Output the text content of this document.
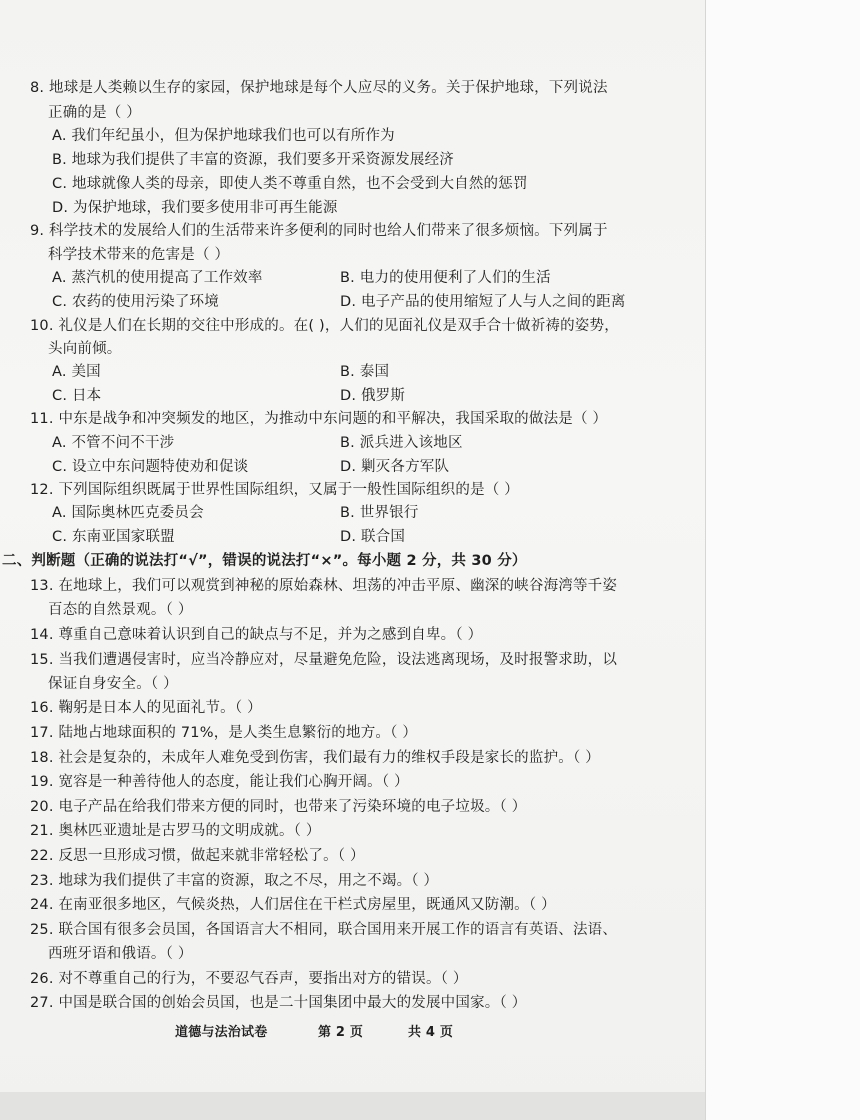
8. 地球是人类赖以生存的家园，保护地球是每个人应尽的义务。关于保护地球，下列说法
正确的是（ ）
A. 我们年纪虽小，但为保护地球我们也可以有所作为
B. 地球为我们提供了丰富的资源，我们要多开采资源发展经济
C. 地球就像人类的母亲，即使人类不尊重自然，也不会受到大自然的惩罚
D. 为保护地球，我们要多使用非可再生能源
9. 科学技术的发展给人们的生活带来许多便利的同时也给人们带来了很多烦恼。下列属于
科学技术带来的危害是（ ）
A. 蒸汽机的使用提高了工作效率	B. 电力的使用便利了人们的生活
C. 农药的使用污染了环境	D. 电子产品的使用缩短了人与人之间的距离
10. 礼仪是人们在长期的交往中形成的。在( )，人们的见面礼仪是双手合十做祈祷的姿势，
头向前倾。
A. 美国	B. 泰国
C. 日本	D. 俄罗斯
11. 中东是战争和冲突频发的地区，为推动中东问题的和平解决，我国采取的做法是（ ）
A. 不管不问不干涉	B. 派兵进入该地区
C. 设立中东问题特使劝和促谈	D. 剿灭各方军队
12. 下列国际组织既属于世界性国际组织，又属于一般性国际组织的是（ ）
A. 国际奥林匹克委员会	B. 世界银行
C. 东南亚国家联盟	D. 联合国
二、判断题（正确的说法打“√”，错误的说法打“×”。每小题 2 分，共 30 分）
13. 在地球上，我们可以观赏到神秘的原始森林、坦荡的冲击平原、幽深的峡谷海湾等千姿
百态的自然景观。（ ）
14. 尊重自己意味着认识到自己的缺点与不足，并为之感到自卑。（ ）
15. 当我们遭遇侵害时，应当冷静应对，尽量避免危险，设法逃离现场，及时报警求助，以
保证自身安全。（ ）
16. 鞠躬是日本人的见面礼节。（ ）
17. 陆地占地球面积的 71%，是人类生息繁衍的地方。（ ）
18. 社会是复杂的，未成年人难免受到伤害，我们最有力的维权手段是家长的监护。（ ）
19. 宽容是一种善待他人的态度，能让我们心胸开阔。（ ）
20. 电子产品在给我们带来方便的同时，也带来了污染环境的电子垃圾。（ ）
21. 奥林匹亚遗址是古罗马的文明成就。（ ）
22. 反思一旦形成习惯，做起来就非常轻松了。（ ）
23. 地球为我们提供了丰富的资源，取之不尽，用之不竭。（ ）
24. 在南亚很多地区，气候炎热，人们居住在干栏式房屋里，既通风又防潮。（ ）
25. 联合国有很多会员国，各国语言大不相同，联合国用来开展工作的语言有英语、法语、
西班牙语和俄语。（ ）
26. 对不尊重自己的行为，不要忍气吞声，要指出对方的错误。（ ）
27. 中国是联合国的创始会员国，也是二十国集团中最大的发展中国家。（ ）
道德与法治试卷	第 2 页	共 4 页
